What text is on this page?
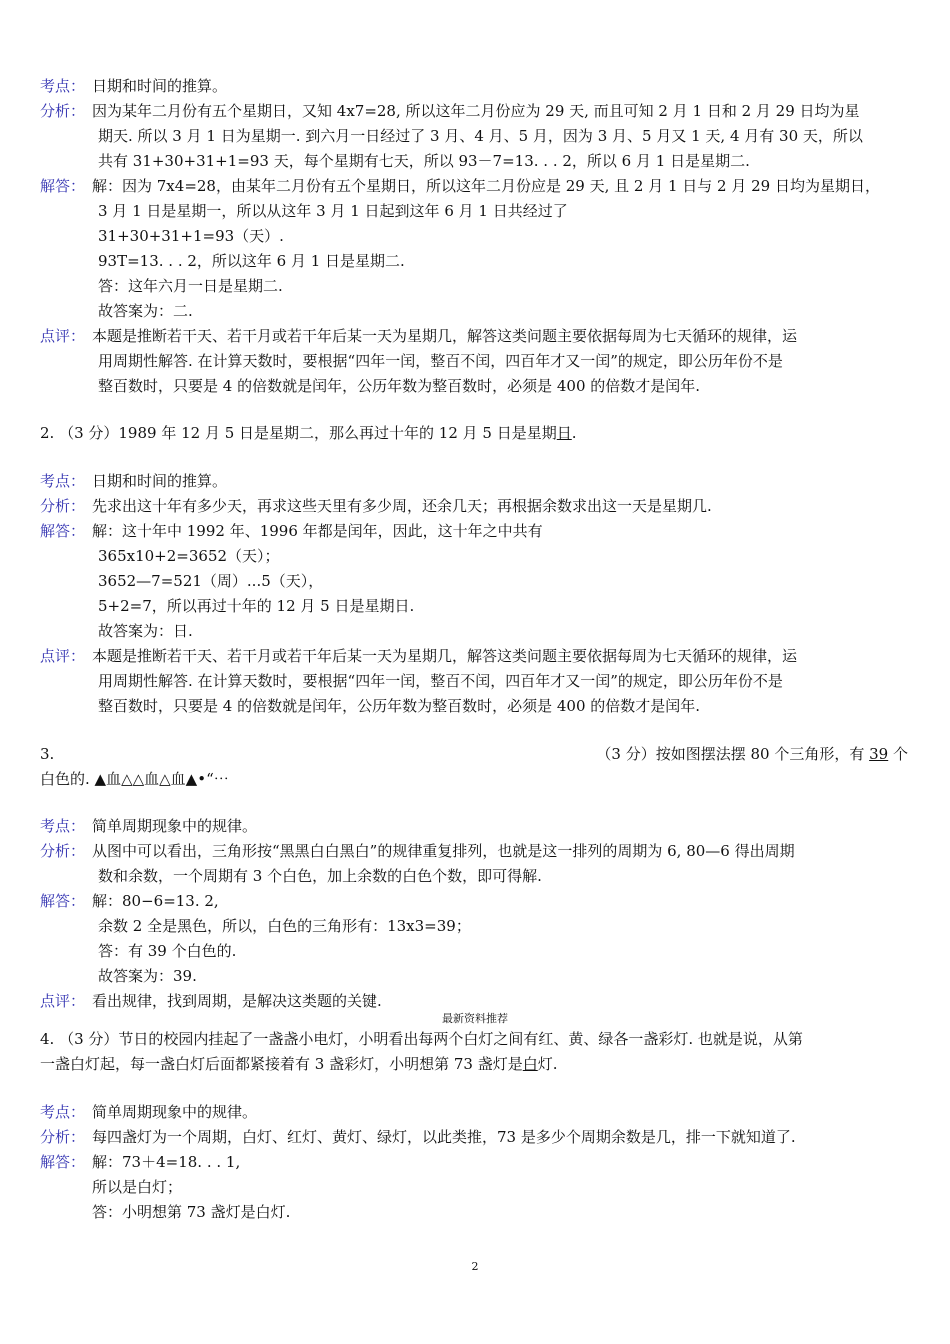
考点： 日期和时间的推算。
分析： 因为某年二月份有五个星期日，又知 4x7=28, 所以这年二月份应为 29 天, 而且可知 2 月 1 日和 2 月 29 日均为星
期天. 所以 3 月 1 日为星期一. 到六月一日经过了 3 月、4 月、5 月，因为 3 月、5 月又 1 天, 4 月有 30 天，所以
共有 31+30+31+1=93 天，每个星期有七天，所以 93－7=13. . . 2，所以 6 月 1 日是星期二.
解答： 解：因为 7x4=28，由某年二月份有五个星期日，所以这年二月份应是 29 天, 且 2 月 1 日与 2 月 29 日均为星期日，
3 月 1 日是星期一，所以从这年 3 月 1 日起到这年 6 月 1 日共经过了
31+30+31+1=93（天）.
93T=13. . . 2，所以这年 6 月 1 日是星期二.
答：这年六月一日是星期二.
故答案为：二.
点评： 本题是推断若干天、若干月或若干年后某一天为星期几，解答这类问题主要依据每周为七天循环的规律，运
用周期性解答. 在计算天数时，要根据“四年一闰，整百不闰，四百年才又一闰”的规定，即公历年份不是
整百数时，只要是 4 的倍数就是闰年，公历年数为整百数时，必须是 400 的倍数才是闰年.
2. （3 分）1989 年 12 月 5 日是星期二，那么再过十年的 12 月 5 日是星期日.
考点： 日期和时间的推算。
分析： 先求出这十年有多少天，再求这些天里有多少周，还余几天；再根据余数求出这一天是星期几.
解答： 解：这十年中 1992 年、1996 年都是闰年，因此，这十年之中共有
365x10+2=3652（天）；
3652—7=521（周）...5（天），
5+2=7，所以再过十年的 12 月 5 日是星期日.
故答案为：日.
点评： 本题是推断若干天、若干月或若干年后某一天为星期几，解答这类问题主要依据每周为七天循环的规律，运
用周期性解答. 在计算天数时，要根据“四年一闰，整百不闰，四百年才又一闰”的规定，即公历年份不是
整百数时，只要是 4 的倍数就是闰年，公历年数为整百数时，必须是 400 的倍数才是闰年.
3.	（3 分）按如图摆法摆 80 个三角形，有 39 个
白色的. ▲血△△血△血▲•“⋯
考点： 简单周期现象中的规律。
分析： 从图中可以看出，三角形按“黑黑白白黑白”的规律重复排列，也就是这一排列的周期为 6, 80—6 得出周期
数和余数，一个周期有 3 个白色，加上余数的白色个数，即可得解.
解答： 解：80−6=13. 2,
余数 2 全是黑色，所以，白色的三角形有：13x3=39；
答：有 39 个白色的.
故答案为：39.
点评： 看出规律，找到周期，是解决这类题的关键.
最新资料推荐
4. （3 分）节日的校园内挂起了一盏盏小电灯，小明看出每两个白灯之间有红、黄、绿各一盏彩灯. 也就是说，从第
一盏白灯起，每一盏白灯后面都紧接着有 3 盏彩灯，小明想第 73 盏灯是白灯.
考点： 简单周期现象中的规律。
分析： 每四盏灯为一个周期，白灯、红灯、黄灯、绿灯，以此类推，73 是多少个周期余数是几，排一下就知道了.
解答： 解：73＋4=18. . . 1,
所以是白灯；
答：小明想第 73 盏灯是白灯.
2
